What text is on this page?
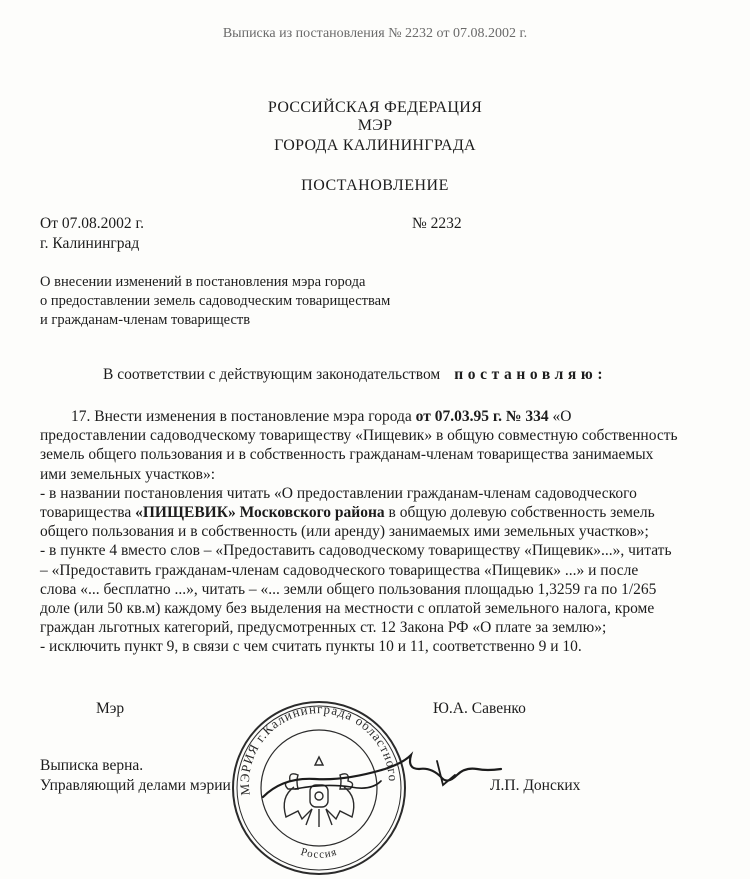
Выписка из постановления № 2232 от 07.08.2002 г.
РОССИЙСКАЯ ФЕДЕРАЦИЯ
МЭР
ГОРОДА КАЛИНИНГРАДА
ПОСТАНОВЛЕНИЕ
От 07.08.2002 г.	№ 2232
г. Калининград
О внесении изменений в постановления мэра города
о предоставлении земель садоводческим товариществам
и гражданам-членам товариществ
В соответствии с действующим законодательством постановляю:
17. Внести изменения в постановление мэра города
от 07.03.95 г. № 334
«О
предоставлении садоводческому товариществу «Пищевик» в общую совместную собственность
земель общего пользования и в собственность гражданам-членам товарищества занимаемых
ими земельных участков»:
- в названии постановления читать «О предоставлении гражданам-членам садоводческого
товарищества «ПИЩЕВИК» Московского района в общую долевую собственность земель
общего пользования и в собственность (или аренду) занимаемых ими земельных участков»;
- в пункте 4 вместо слов – «Предоставить садоводческому товариществу «Пищевик»...», читать
– «Предоставить гражданам-членам садоводческого товарищества «Пищевик» ...» и после
слова «... бесплатно ...», читать – «... земли общего пользования площадью 1,3259 га по 1/265
доле (или 50 кв.м) каждому без выделения на местности с оплатой земельного налога, кроме
граждан льготных категорий, предусмотренных ст. 12 Закона РФ «О плате за землю»;
- исключить пункт 9, в связи с чем считать пункты 10 и 11, соответственно 9 и 10.
Мэр	Ю.А. Савенко
Выписка верна.
Управляющий делами мэрии	Л.П. Донских
МЭРИЯ г.Калининграда областного
Россия
